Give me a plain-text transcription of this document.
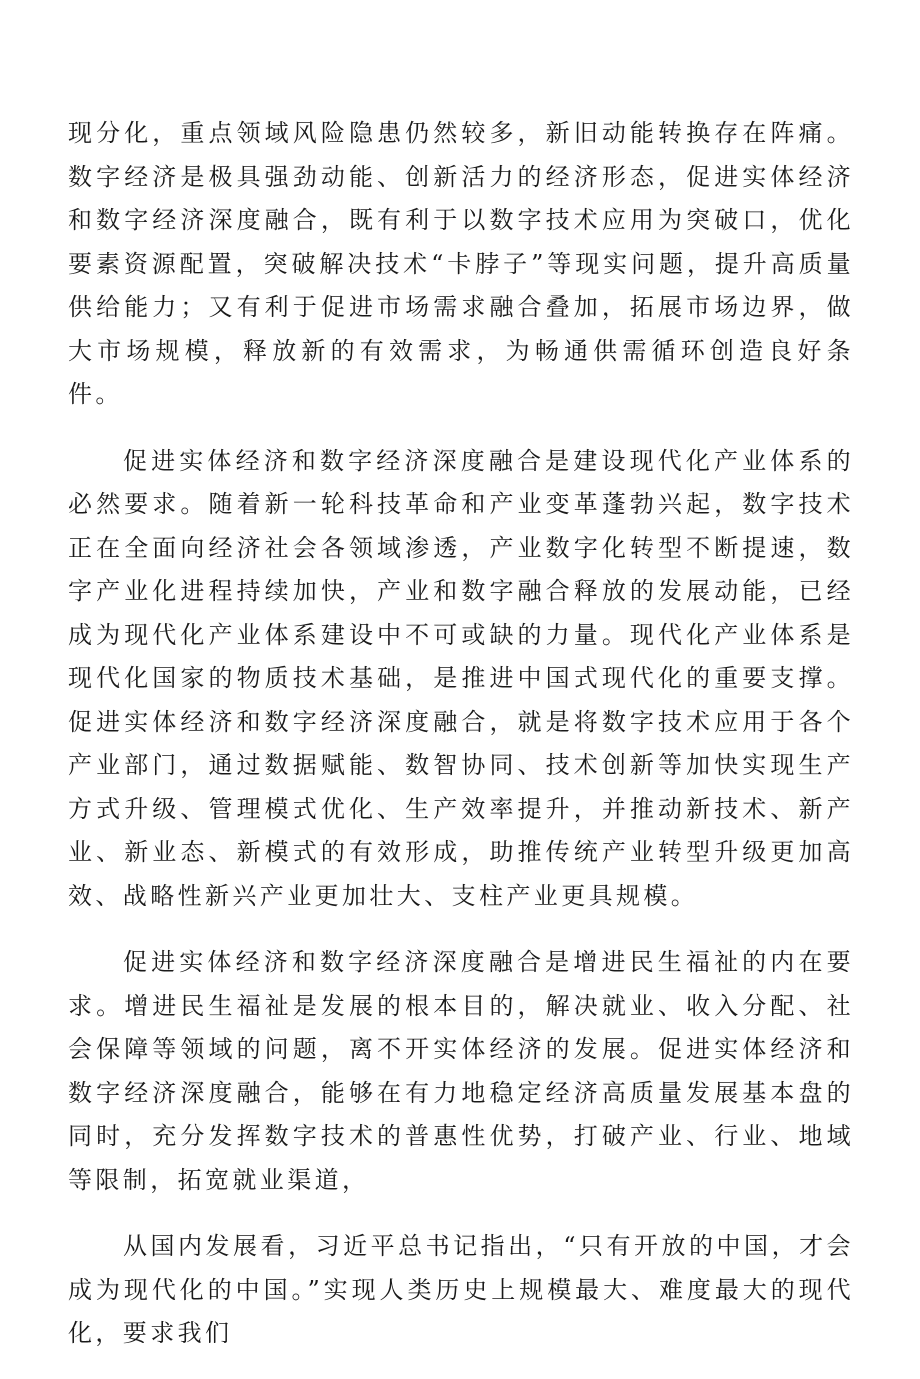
现分化，重点领域风险隐患仍然较多，新旧动能转换存在阵痛。数字经济是极具强劲动能、创新活力的经济形态，促进实体经济和数字经济深度融合，既有利于以数字技术应用为突破口，优化要素资源配置，突破解决技术“卡脖子”等现实问题，提升高质量供给能力；又有利于促进市场需求融合叠加，拓展市场边界，做大市场规模，释放新的有效需求，为畅通供需循环创造良好条件。

促进实体经济和数字经济深度融合是建设现代化产业体系的必然要求。随着新一轮科技革命和产业变革蓬勃兴起，数字技术正在全面向经济社会各领域渗透，产业数字化转型不断提速，数字产业化进程持续加快，产业和数字融合释放的发展动能，已经成为现代化产业体系建设中不可或缺的力量。现代化产业体系是现代化国家的物质技术基础，是推进中国式现代化的重要支撑。促进实体经济和数字经济深度融合，就是将数字技术应用于各个产业部门，通过数据赋能、数智协同、技术创新等加快实现生产方式升级、管理模式优化、生产效率提升，并推动新技术、新产业、新业态、新模式的有效形成，助推传统产业转型升级更加高效、战略性新兴产业更加壮大、支柱产业更具规模。

促进实体经济和数字经济深度融合是增进民生福祉的内在要求。增进民生福祉是发展的根本目的，解决就业、收入分配、社会保障等领域的问题，离不开实体经济的发展。促进实体经济和数字经济深度融合，能够在有力地稳定经济高质量发展基本盘的同时，充分发挥数字技术的普惠性优势，打破产业、行业、地域等限制，拓宽就业渠道，

从国内发展看，习近平总书记指出，“只有开放的中国，才会成为现代化的中国。”实现人类历史上规模最大、难度最大的现代化，要求我们
